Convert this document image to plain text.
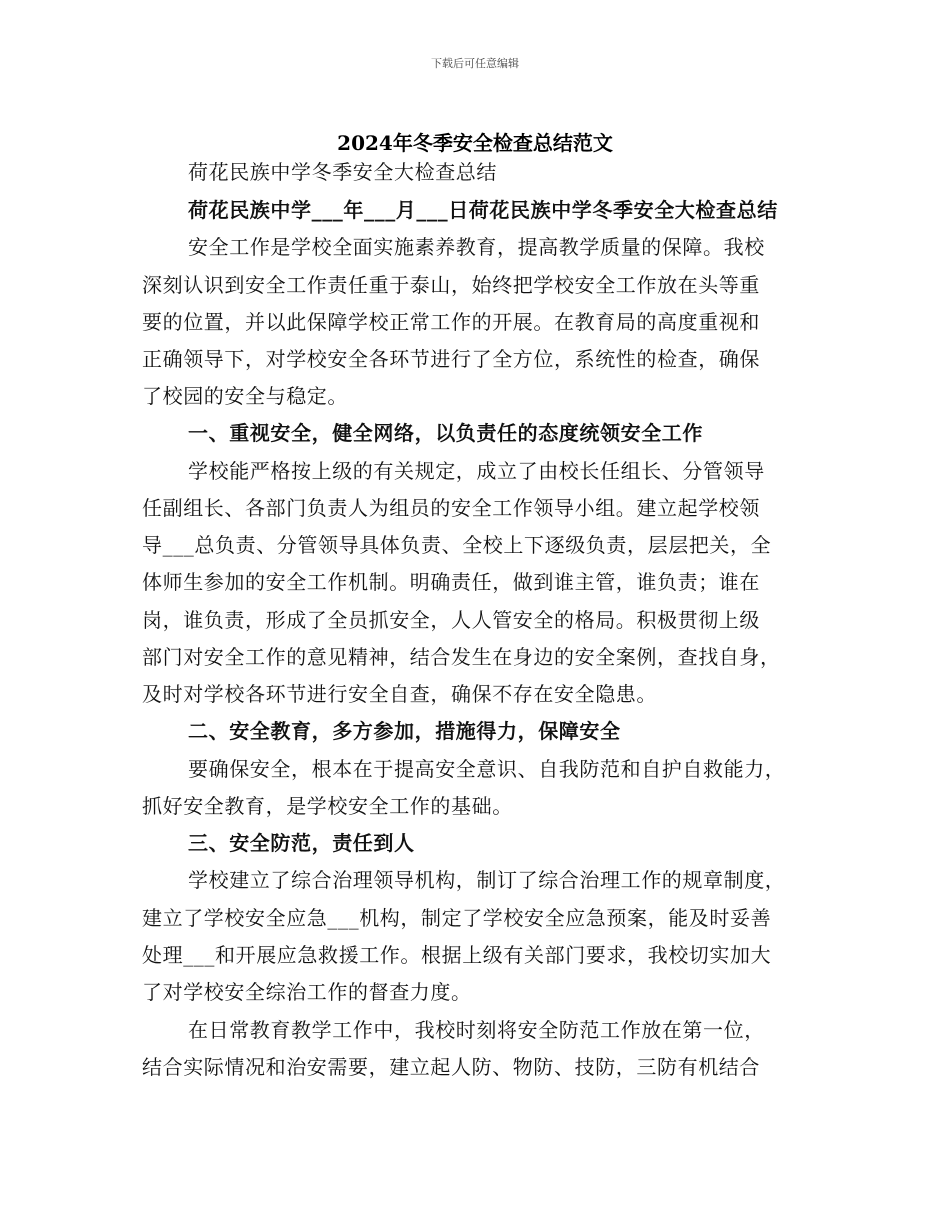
下载后可任意编辑
2024年冬季安全检查总结范文
荷花民族中学冬季安全大检查总结
荷花民族中学___年___月___日荷花民族中学冬季安全大检查总结
安全工作是学校全面实施素养教育，提高教学质量的保障。我校
深刻认识到安全工作责任重于泰山，始终把学校安全工作放在头等重
要的位置，并以此保障学校正常工作的开展。在教育局的高度重视和
正确领导下，对学校安全各环节进行了全方位，系统性的检查，确保
了校园的安全与稳定。
一、重视安全，健全网络，以负责任的态度统领安全工作
学校能严格按上级的有关规定，成立了由校长任组长、分管领导
任副组长、各部门负责人为组员的安全工作领导小组。建立起学校领
导___总负责、分管领导具体负责、全校上下逐级负责，层层把关，全
体师生参加的安全工作机制。明确责任，做到谁主管，谁负责；谁在
岗，谁负责，形成了全员抓安全，人人管安全的格局。积极贯彻上级
部门对安全工作的意见精神，结合发生在身边的安全案例，查找自身，
及时对学校各环节进行安全自查，确保不存在安全隐患。
二、安全教育，多方参加，措施得力，保障安全
要确保安全，根本在于提高安全意识、自我防范和自护自救能力，
抓好安全教育，是学校安全工作的基础。
三、安全防范，责任到人
学校建立了综合治理领导机构，制订了综合治理工作的规章制度，
建立了学校安全应急___机构，制定了学校安全应急预案，能及时妥善
处理___和开展应急救援工作。根据上级有关部门要求，我校切实加大
了对学校安全综治工作的督查力度。
在日常教育教学工作中，我校时刻将安全防范工作放在第一位，
结合实际情况和治安需要，建立起人防、物防、技防，三防有机结合
